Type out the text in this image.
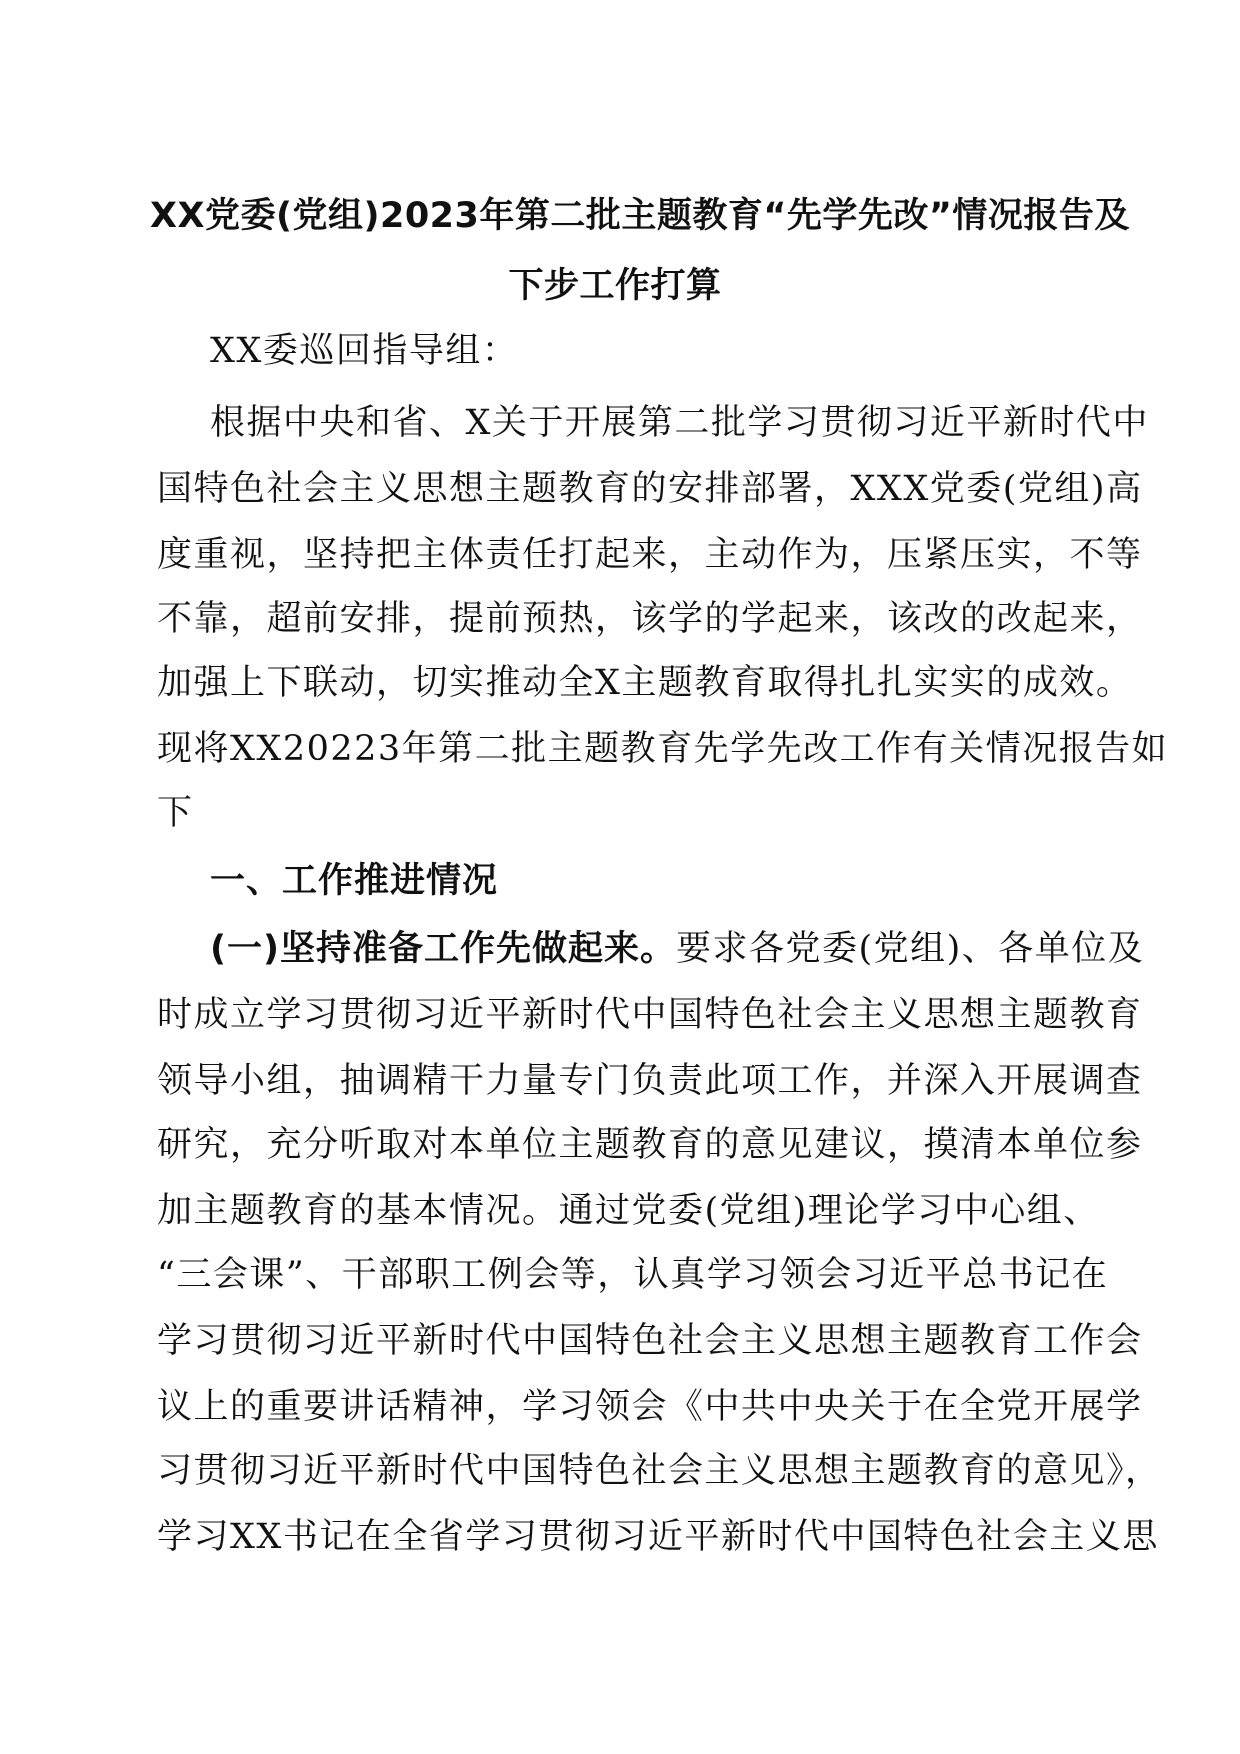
XX党委(党组)2023年第二批主题教育“先学先改”情况报告及
下步工作打算
XX委巡回指导组：
根据中央和省、X关于开展第二批学习贯彻习近平新时代中
国特色社会主义思想主题教育的安排部署，XXX党委(党组)高
度重视，坚持把主体责任打起来，主动作为，压紧压实，不等
不靠，超前安排，提前预热，该学的学起来，该改的改起来，
加强上下联动，切实推动全X主题教育取得扎扎实实的成效。
现将XX20223年第二批主题教育先学先改工作有关情况报告如
下
一、工作推进情况
(一)坚持准备工作先做起来。要求各党委(党组)、各单位及
时成立学习贯彻习近平新时代中国特色社会主义思想主题教育
领导小组，抽调精干力量专门负责此项工作，并深入开展调查
研究，充分听取对本单位主题教育的意见建议，摸清本单位参
加主题教育的基本情况。通过党委(党组)理论学习中心组、
“三会课”、干部职工例会等，认真学习领会习近平总书记在
学习贯彻习近平新时代中国特色社会主义思想主题教育工作会
议上的重要讲话精神，学习领会《中共中央关于在全党开展学
习贯彻习近平新时代中国特色社会主义思想主题教育的意见》，
学习XX书记在全省学习贯彻习近平新时代中国特色社会主义思
